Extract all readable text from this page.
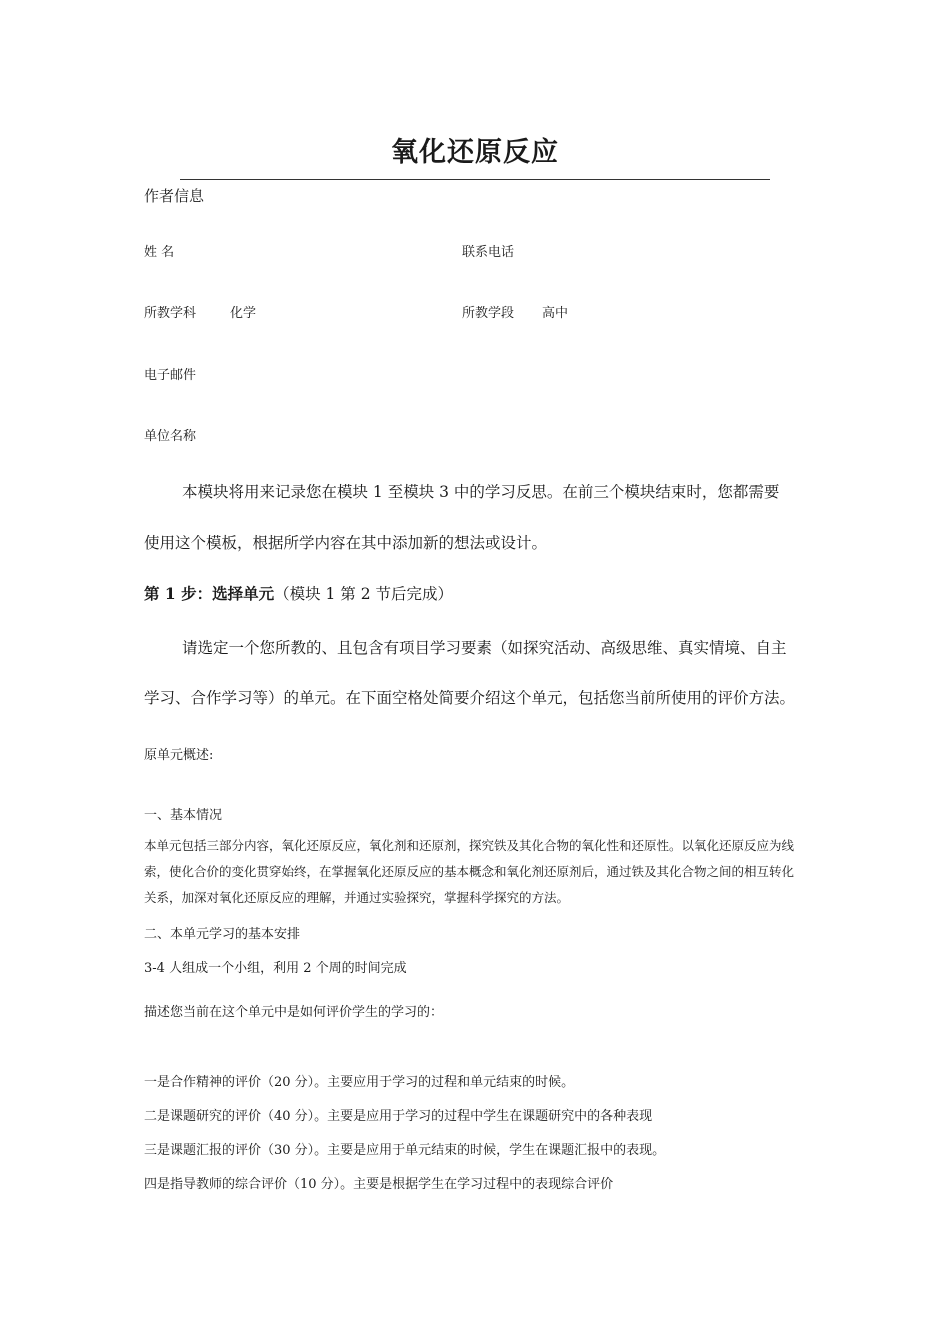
氧化还原反应
作者信息
姓 名	联系电话
所教学科	化学	所教学段 高中
电子邮件
单位名称
本模块将用来记录您在模块 1 至模块 3 中的学习反思。在前三个模块结束时，您都需要
使用这个模板，根据所学内容在其中添加新的想法或设计。
第 1 步：选择单元（模块 1 第 2 节后完成）
请选定一个您所教的、且包含有项目学习要素（如探究活动、高级思维、真实情境、自主
学习、合作学习等）的单元。在下面空格处简要介绍这个单元，包括您当前所使用的评价方法。
原单元概述:
一、基本情况
本单元包括三部分内容，氧化还原反应，氧化剂和还原剂，探究铁及其化合物的氧化性和还原性。以氧化还原反应为线索，使化合价的变化贯穿始终，在掌握氧化还原反应的基本概念和氧化剂还原剂后，通过铁及其化合物之间的相互转化关系，加深对氧化还原反应的理解，并通过实验探究，掌握科学探究的方法。
二、本单元学习的基本安排
3-4 人组成一个小组，利用 2 个周的时间完成
描述您当前在这个单元中是如何评价学生的学习的：
一是合作精神的评价（20 分）。主要应用于学习的过程和单元结束的时候。
二是课题研究的评价（40 分）。主要是应用于学习的过程中学生在课题研究中的各种表现
三是课题汇报的评价（30 分）。主要是应用于单元结束的时候，学生在课题汇报中的表现。
四是指导教师的综合评价（10 分）。主要是根据学生在学习过程中的表现综合评价
